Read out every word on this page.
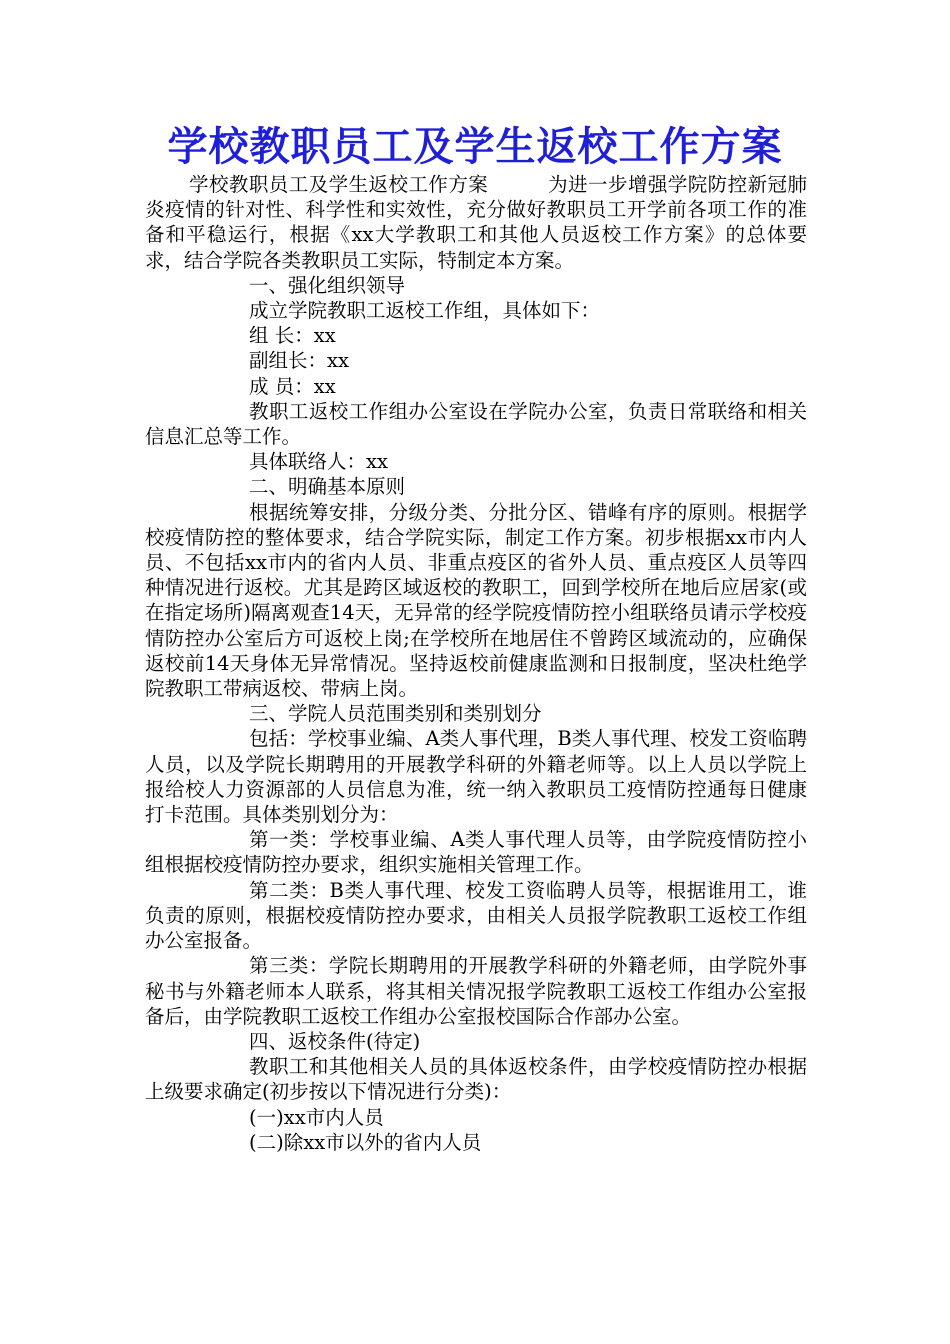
学校教职员工及学生返校工作方案

学校教职员工及学生返校工作方案　　　为进一步增强学院防控新冠肺炎疫情的针对性、科学性和实效性，充分做好教职员工开学前各项工作的准备和平稳运行，根据《xx大学教职工和其他人员返校工作方案》的总体要求，结合学院各类教职员工实际，特制定本方案。

一、强化组织领导

成立学院教职工返校工作组，具体如下：

组 长：xx

副组长：xx

成 员：xx

教职工返校工作组办公室设在学院办公室，负责日常联络和相关信息汇总等工作。

具体联络人：xx

二、明确基本原则

根据统筹安排，分级分类、分批分区、错峰有序的原则。根据学校疫情防控的整体要求，结合学院实际，制定工作方案。初步根据xx市内人员、不包括xx市内的省内人员、非重点疫区的省外人员、重点疫区人员等四种情况进行返校。尤其是跨区域返校的教职工，回到学校所在地后应居家(或在指定场所)隔离观查14天，无异常的经学院疫情防控小组联络员请示学校疫情防控办公室后方可返校上岗;在学校所在地居住不曾跨区域流动的，应确保返校前14天身体无异常情况。坚持返校前健康监测和日报制度，坚决杜绝学院教职工带病返校、带病上岗。

三、学院人员范围类别和类别划分

包括：学校事业编、A类人事代理，B类人事代理、校发工资临聘人员，以及学院长期聘用的开展教学科研的外籍老师等。以上人员以学院上报给校人力资源部的人员信息为准，统一纳入教职员工疫情防控通每日健康打卡范围。具体类别划分为：

第一类：学校事业编、A类人事代理人员等，由学院疫情防控小组根据校疫情防控办要求，组织实施相关管理工作。

第二类：B类人事代理、校发工资临聘人员等，根据谁用工，谁负责的原则，根据校疫情防控办要求，由相关人员报学院教职工返校工作组办公室报备。

第三类：学院长期聘用的开展教学科研的外籍老师，由学院外事秘书与外籍老师本人联系，将其相关情况报学院教职工返校工作组办公室报备后，由学院教职工返校工作组办公室报校国际合作部办公室。

四、返校条件(待定)

教职工和其他相关人员的具体返校条件，由学校疫情防控办根据上级要求确定(初步按以下情况进行分类)：

(一)xx市内人员

(二)除xx市以外的省内人员
